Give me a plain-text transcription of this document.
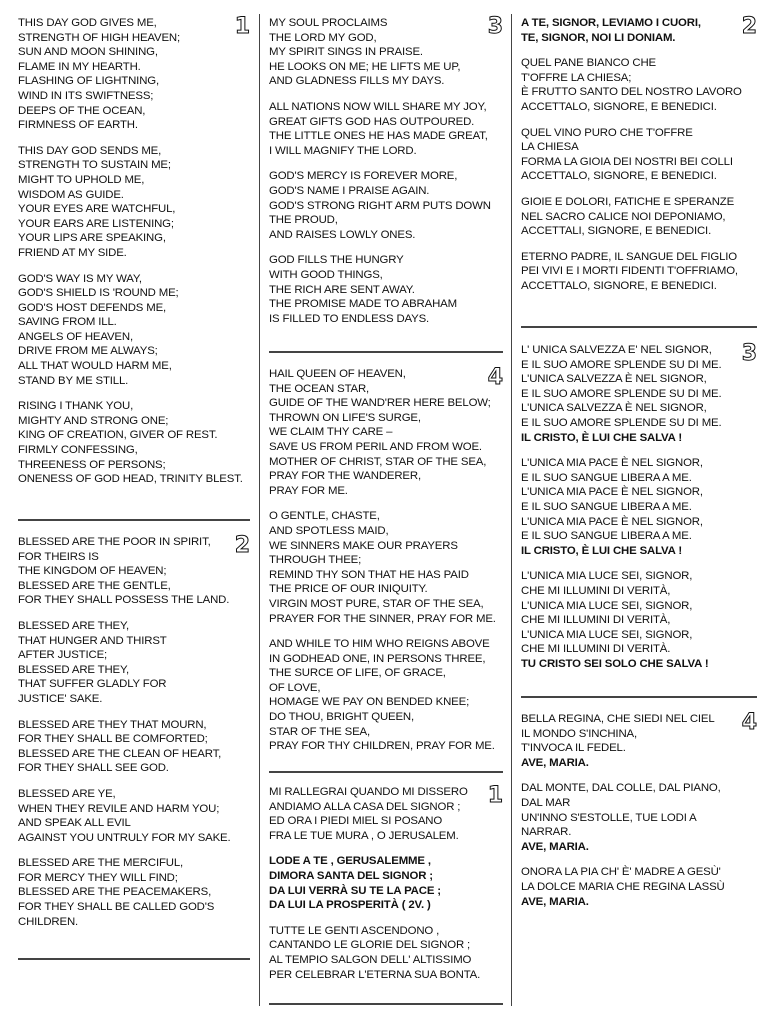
1
THIS DAY GOD GIVES ME,
STRENGTH OF HIGH HEAVEN;
SUN AND MOON SHINING,
FLAME IN MY HEARTH.
FLASHING OF LIGHTNING,
WIND IN ITS SWIFTNESS;
DEEPS OF THE OCEAN,
FIRMNESS OF EARTH.
THIS DAY GOD SENDS ME,
STRENGTH TO SUSTAIN ME;
MIGHT TO UPHOLD ME,
WISDOM AS GUIDE.
YOUR EYES ARE WATCHFUL,
YOUR EARS ARE LISTENING;
YOUR LIPS ARE SPEAKING,
FRIEND AT MY SIDE.
GOD'S WAY IS MY WAY,
GOD'S SHIELD IS 'ROUND ME;
GOD'S HOST DEFENDS ME,
SAVING FROM ILL.
ANGELS OF HEAVEN,
DRIVE FROM ME ALWAYS;
ALL THAT WOULD HARM ME,
STAND BY ME STILL.
RISING I THANK YOU,
MIGHTY AND STRONG ONE;
KING OF CREATION, GIVER OF REST.
FIRMLY CONFESSING,
THREENESS OF PERSONS;
ONENESS OF GOD HEAD, TRINITY BLEST.
2
BLESSED ARE THE POOR IN SPIRIT,
FOR THEIRS IS
THE KINGDOM OF HEAVEN;
BLESSED ARE THE GENTLE,
FOR THEY SHALL POSSESS THE LAND.
BLESSED ARE THEY,
THAT HUNGER AND THIRST
AFTER JUSTICE;
BLESSED ARE THEY,
THAT SUFFER GLADLY FOR
JUSTICE' SAKE.
BLESSED ARE THEY THAT MOURN,
FOR THEY SHALL BE COMFORTED;
BLESSED ARE THE CLEAN OF HEART,
FOR THEY SHALL SEE GOD.
BLESSED ARE YE,
WHEN THEY REVILE AND HARM YOU;
AND SPEAK ALL EVIL
AGAINST YOU UNTRULY FOR MY SAKE.
BLESSED ARE THE MERCIFUL,
FOR MERCY THEY WILL FIND;
BLESSED ARE THE PEACEMAKERS,
FOR THEY SHALL BE CALLED GOD'S
CHILDREN.
3
MY SOUL PROCLAIMS
THE LORD MY GOD,
MY SPIRIT SINGS IN PRAISE.
HE LOOKS ON ME; HE LIFTS ME UP,
AND GLADNESS FILLS MY DAYS.
ALL NATIONS NOW WILL SHARE MY JOY,
GREAT GIFTS GOD HAS OUTPOURED.
THE LITTLE ONES HE HAS MADE GREAT,
I WILL MAGNIFY THE LORD.
GOD'S MERCY IS FOREVER MORE,
GOD'S NAME I PRAISE AGAIN.
GOD'S STRONG RIGHT ARM PUTS DOWN
THE PROUD,
AND RAISES LOWLY ONES.
GOD FILLS THE HUNGRY
WITH GOOD THINGS,
THE RICH ARE SENT AWAY.
THE PROMISE MADE TO ABRAHAM
IS FILLED TO ENDLESS DAYS.
4
HAIL QUEEN OF HEAVEN,
THE OCEAN STAR,
GUIDE OF THE WAND'RER HERE BELOW;
THROWN ON LIFE'S SURGE,
WE CLAIM THY CARE –
SAVE US FROM PERIL AND FROM WOE.
MOTHER OF CHRIST, STAR OF THE SEA,
PRAY FOR THE WANDERER,
PRAY FOR ME.
O GENTLE, CHASTE,
AND SPOTLESS MAID,
WE SINNERS MAKE OUR PRAYERS
THROUGH THEE;
REMIND THY SON THAT HE HAS PAID
THE PRICE OF OUR INIQUITY.
VIRGIN MOST PURE, STAR OF THE SEA,
PRAYER FOR THE SINNER, PRAY FOR ME.
AND WHILE TO HIM WHO REIGNS ABOVE
IN GODHEAD ONE, IN PERSONS THREE,
THE SURCE OF LIFE, OF GRACE,
OF LOVE,
HOMAGE WE PAY ON BENDED KNEE;
DO THOU, BRIGHT QUEEN,
STAR OF THE SEA,
PRAY FOR THY CHILDREN, PRAY FOR ME.
1
MI RALLEGRAI QUANDO MI DISSERO
ANDIAMO ALLA CASA DEL SIGNOR ;
ED ORA I PIEDI MIEL SI POSANO
FRA LE TUE MURA , O JERUSALEM.
LODE A TE , GERUSALEMME ,
DIMORA SANTA DEL SIGNOR ;
DA LUI VERRÀ SU TE LA PACE ;
DA LUI LA PROSPERITÀ ( 2V. )
TUTTE LE GENTI ASCENDONO ,
CANTANDO LE GLORIE DEL SIGNOR ;
AL TEMPIO SALGON DELL' ALTISSIMO
PER CELEBRAR L'ETERNA SUA BONTA.
2
A TE, SIGNOR, LEVIAMO I CUORI,
TE, SIGNOR, NOI LI DONIAM.
QUEL PANE BIANCO CHE
T'OFFRE LA CHIESA;
È FRUTTO SANTO DEL NOSTRO LAVORO
ACCETTALO, SIGNORE, E BENEDICI.
QUEL VINO PURO CHE T'OFFRE
LA CHIESA
FORMA LA GIOIA DEI NOSTRI BEI COLLI
ACCETTALO, SIGNORE, E BENEDICI.
GIOIE E DOLORI, FATICHE E SPERANZE
NEL SACRO CALICE NOI DEPONIAMO,
ACCETTALI, SIGNORE, E BENEDICI.
ETERNO PADRE, IL SANGUE DEL FIGLIO
PEI VIVI E I MORTI FIDENTI T'OFFRIAMO,
ACCETTALO, SIGNORE, E BENEDICI.
3
L' UNICA SALVEZZA E' NEL SIGNOR,
E IL SUO AMORE SPLENDE SU DI ME.
L'UNICA SALVEZZA È NEL SIGNOR,
E IL SUO AMORE SPLENDE SU DI ME.
L'UNICA SALVEZZA È NEL SIGNOR,
E IL SUO AMORE SPLENDE SU DI ME.
IL CRISTO, È LUI CHE SALVA !
L'UNICA MIA PACE È NEL SIGNOR,
E IL SUO SANGUE LIBERA A ME.
L'UNICA MIA PACE È NEL SIGNOR,
E IL SUO SANGUE LIBERA A ME.
L'UNICA MIA PACE È NEL SIGNOR,
E IL SUO SANGUE LIBERA A ME.
IL CRISTO, È LUI CHE SALVA !
L'UNICA MIA LUCE SEI, SIGNOR,
CHE MI ILLUMINI DI VERITÀ,
L'UNICA MIA LUCE SEI, SIGNOR,
CHE MI ILLUMINI DI VERITÀ,
L'UNICA MIA LUCE SEI, SIGNOR,
CHE MI ILLUMINI DI VERITÀ.
TU CRISTO SEI SOLO CHE SALVA !
4
BELLA REGINA, CHE SIEDI NEL CIEL
IL MONDO S'INCHINA,
T'INVOCA IL FEDEL.
AVE, MARIA.
DAL MONTE, DAL COLLE, DAL PIANO,
DAL MAR
UN'INNO S'ESTOLLE, TUE LODI A
NARRAR.
AVE, MARIA.
ONORA LA PIA CH' È' MADRE A GESÙ'
LA DOLCE MARIA CHE REGINA LASSÙ
AVE, MARIA.
